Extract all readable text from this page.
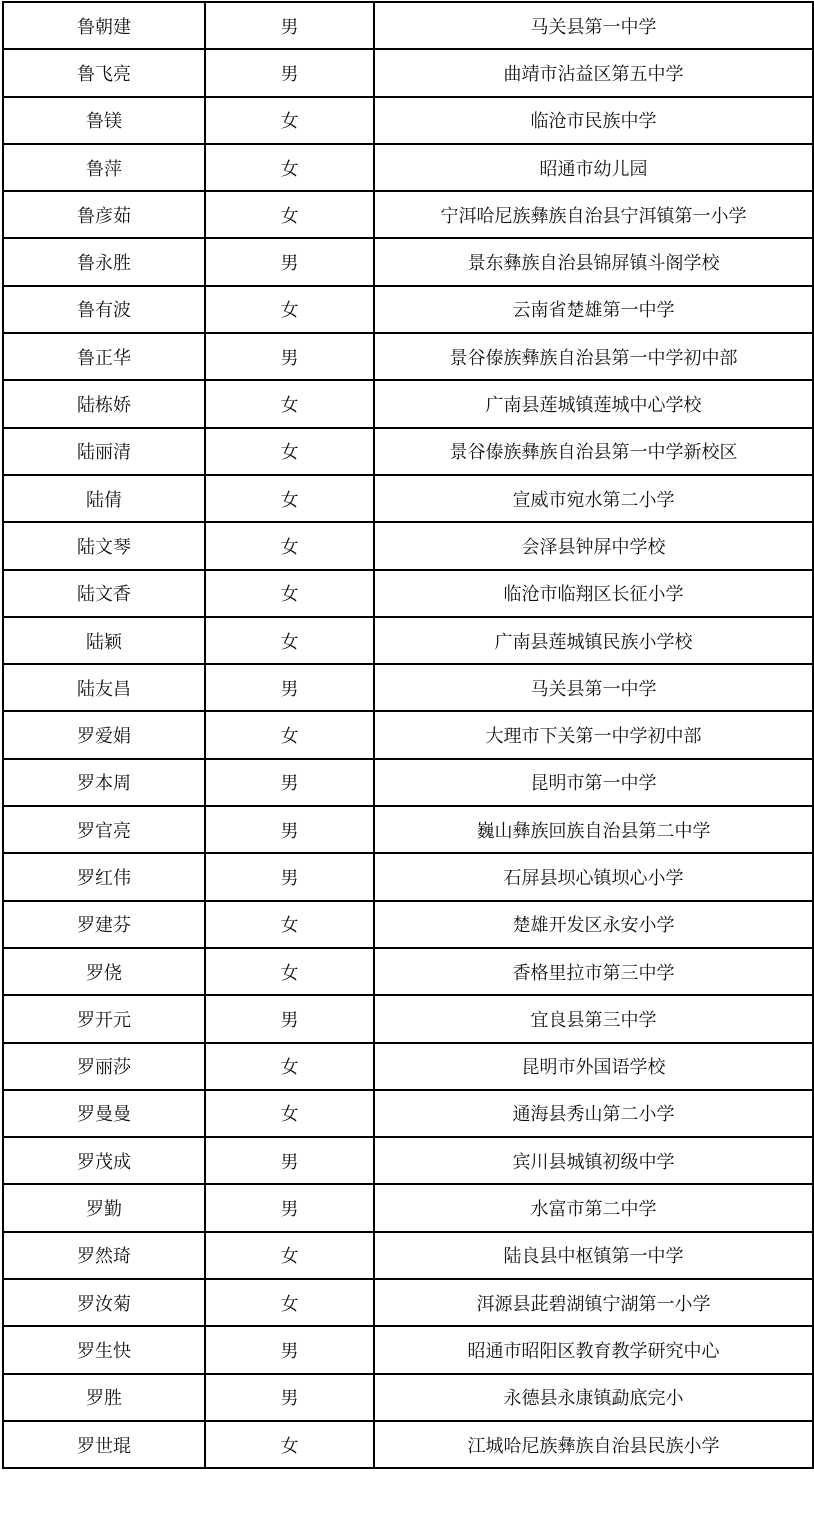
鲁朝建	男	马关县第一中学
鲁飞亮	男	曲靖市沾益区第五中学
鲁镁	女	临沧市民族中学
鲁萍	女	昭通市幼儿园
鲁彦茹	女	宁洱哈尼族彝族自治县宁洱镇第一小学
鲁永胜	男	景东彝族自治县锦屏镇斗阁学校
鲁有波	女	云南省楚雄第一中学
鲁正华	男	景谷傣族彝族自治县第一中学初中部
陆栋娇	女	广南县莲城镇莲城中心学校
陆丽清	女	景谷傣族彝族自治县第一中学新校区
陆倩	女	宣威市宛水第二小学
陆文琴	女	会泽县钟屏中学校
陆文香	女	临沧市临翔区长征小学
陆颖	女	广南县莲城镇民族小学校
陆友昌	男	马关县第一中学
罗爱娟	女	大理市下关第一中学初中部
罗本周	男	昆明市第一中学
罗官亮	男	巍山彝族回族自治县第二中学
罗红伟	男	石屏县坝心镇坝心小学
罗建芬	女	楚雄开发区永安小学
罗侥	女	香格里拉市第三中学
罗开元	男	宜良县第三中学
罗丽莎	女	昆明市外国语学校
罗曼曼	女	通海县秀山第二小学
罗茂成	男	宾川县城镇初级中学
罗勤	男	水富市第二中学
罗然琦	女	陆良县中枢镇第一中学
罗汝菊	女	洱源县茈碧湖镇宁湖第一小学
罗生快	男	昭通市昭阳区教育教学研究中心
罗胜	男	永德县永康镇勐底完小
罗世琨	女	江城哈尼族彝族自治县民族小学
